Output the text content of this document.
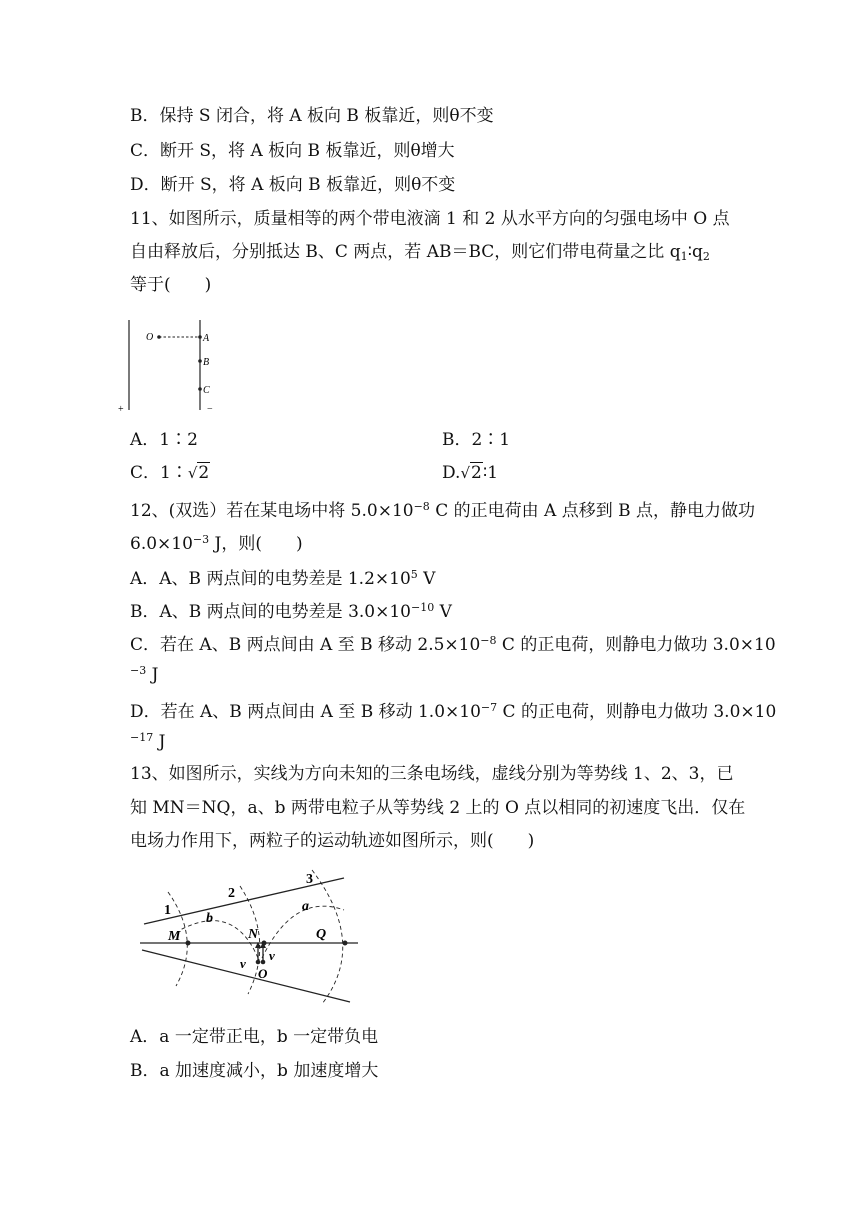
B．保持 S 闭合，将 A 板向 B 板靠近，则θ不变
C．断开 S，将 A 板向 B 板靠近，则θ增大
D．断开 S，将 A 板向 B 板靠近，则θ不变
11、如图所示，质量相等的两个带电液滴 1 和 2 从水平方向的匀强电场中 O 点
自由释放后，分别抵达 B、C 两点，若 AB＝BC，则它们带电荷量之比 $q_1∶q_2$
等于(　　)
O	A
B
C
+	−
A．1∶2	B．2∶1
C．1∶√2	D.√2∶1
12、(双选）若在某电场中将 $5.0\times 10^{-8}$ C 的正电荷由 A 点移到 B 点，静电力做功
$6.0\times 10^{-3}$ J，则(　　)
A．A、B 两点间的电势差是 $1.2\times 10^5$ V
B．A、B 两点间的电势差是 $3.0\times 10^{-10}$ V
C．若在 A、B 两点间由 A 至 B 移动 $2.5\times 10^{-8}$ C 的正电荷，则静电力做功 3.0×10
$^{-3}$ J
D．若在 A、B 两点间由 A 至 B 移动 $1.0\times 10^{-7}$ C 的正电荷，则静电力做功 3.0×10
$^{-17}$ J
13、如图所示，实线为方向未知的三条电场线，虚线分别为等势线 1、2、3，已
知 MN＝NQ，a、b 两带电粒子从等势线 2 上的 O 点以相同的初速度飞出．仅在
电场力作用下，两粒子的运动轨迹如图所示，则(　　)
1
2
3
b
a
M	N	Q
v
v
O
A．a 一定带正电，b 一定带负电
B．a 加速度减小，b 加速度增大
